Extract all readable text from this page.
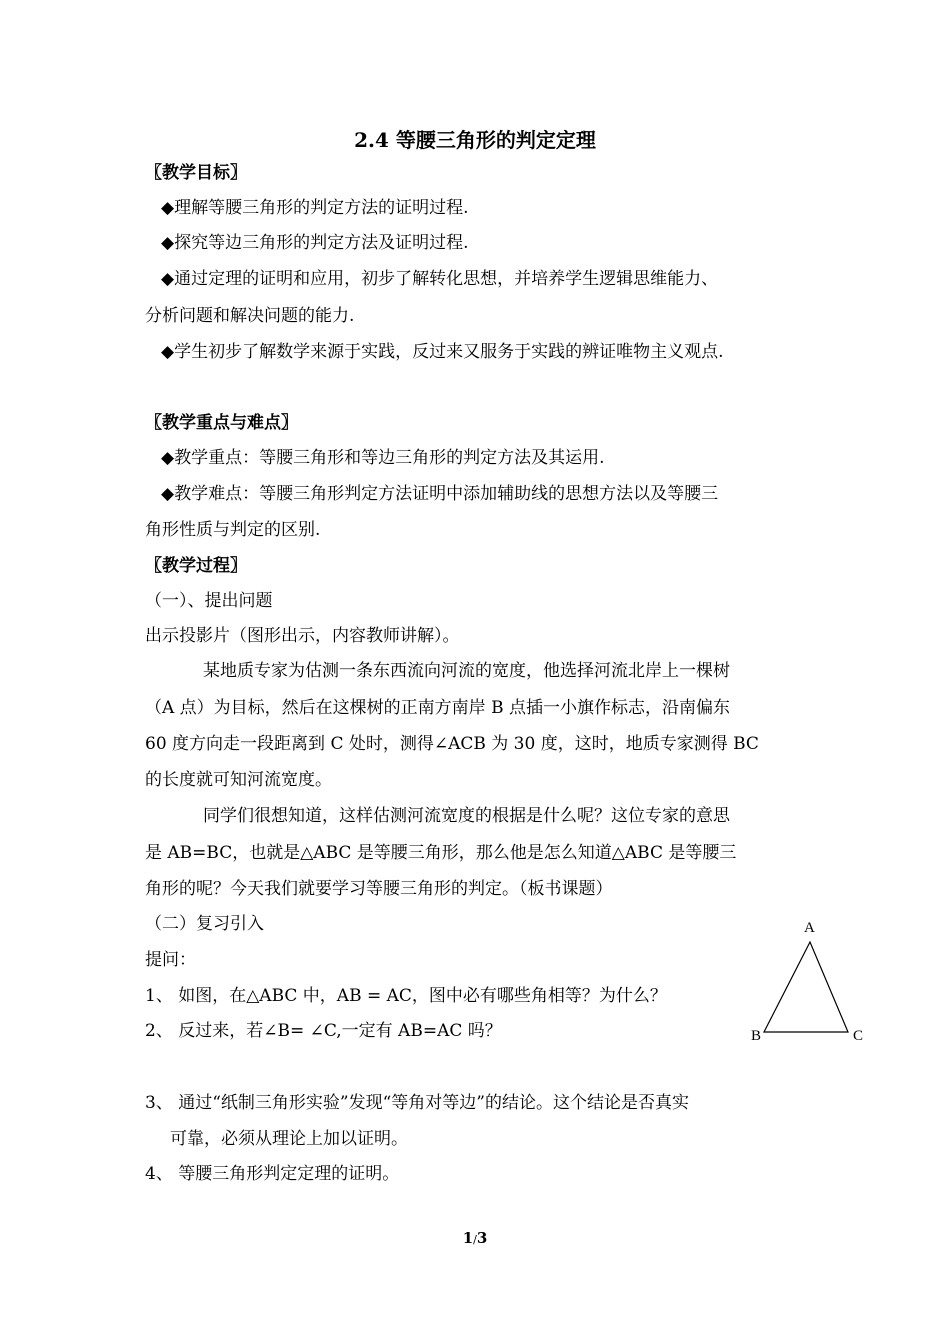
2.4 等腰三角形的判定定理
〖教学目标〗
◆理解等腰三角形的判定方法的证明过程.
◆探究等边三角形的判定方法及证明过程.
◆通过定理的证明和应用，初步了解转化思想，并培养学生逻辑思维能力、
分析问题和解决问题的能力.
◆学生初步了解数学来源于实践，反过来又服务于实践的辨证唯物主义观点.
〖教学重点与难点〗
◆教学重点：等腰三角形和等边三角形的判定方法及其运用.
◆教学难点：等腰三角形判定方法证明中添加辅助线的思想方法以及等腰三
角形性质与判定的区别.
〖教学过程〗
（一）、提出问题
出示投影片（图形出示，内容教师讲解）。
某地质专家为估测一条东西流向河流的宽度，他选择河流北岸上一棵树
（A 点）为目标，然后在这棵树的正南方南岸 B 点插一小旗作标志，沿南偏东
60 度方向走一段距离到 C 处时，测得∠ACB 为 30 度，这时，地质专家测得 BC
的长度就可知河流宽度。
同学们很想知道，这样估测河流宽度的根据是什么呢？这位专家的意思
是 AB=BC，也就是△ABC 是等腰三角形，那么他是怎么知道△ABC 是等腰三
角形的呢？今天我们就要学习等腰三角形的判定。（板书课题）
（二）复习引入
提问：
1、 如图，在△ABC 中，AB = AC，图中必有哪些角相等？为什么？
2、 反过来，若∠B= ∠C,一定有 AB=AC 吗？
3、 通过“纸制三角形实验”发现“等角对等边”的结论。这个结论是否真实
可靠，必须从理论上加以证明。
4、 等腰三角形判定定理的证明。
A
B	C
1/3
